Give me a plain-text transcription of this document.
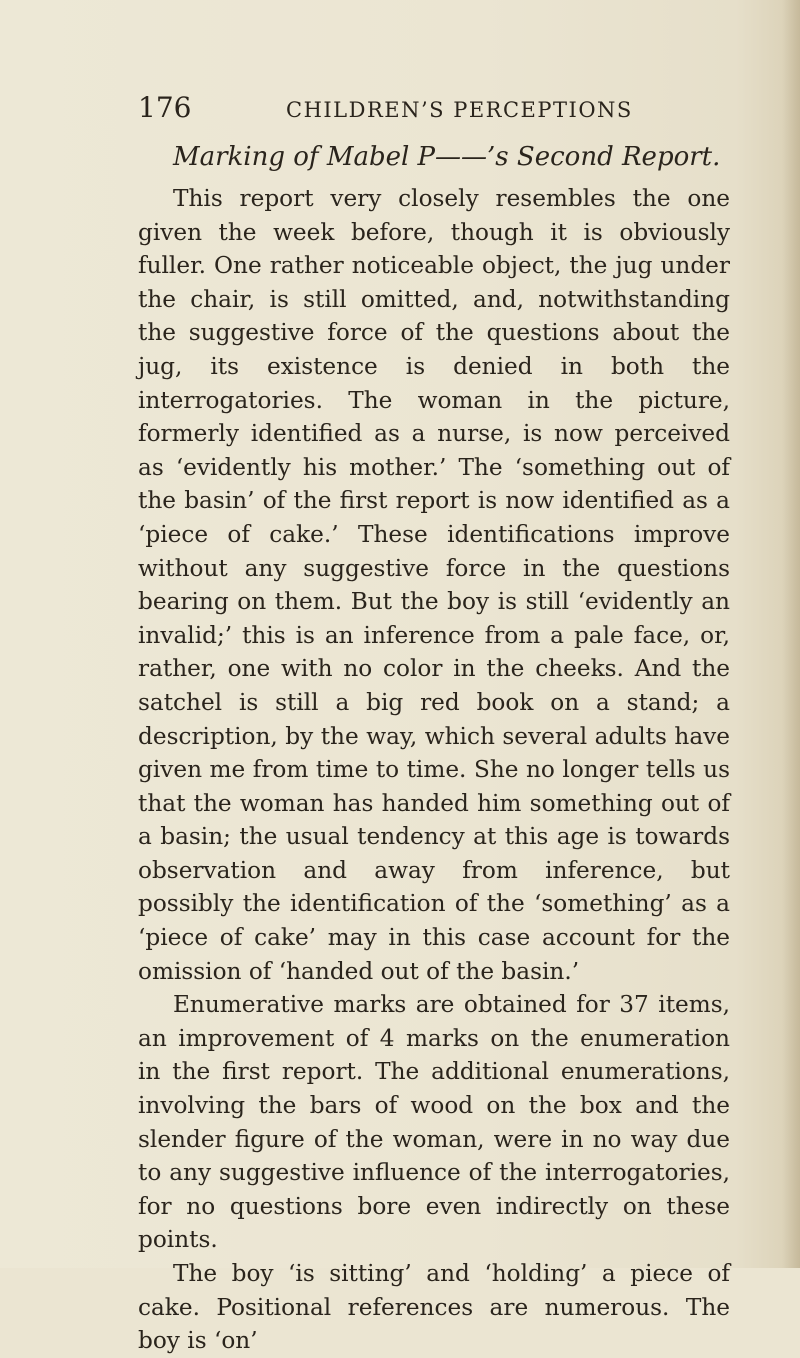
176	CHILDREN’S PERCEPTIONS
Marking of Mabel P——’s Second Report.

This report very closely resembles the one given the week before, though it is obviously fuller. One rather noticeable object, the jug under the chair, is still omitted, and, notwithstanding the suggestive force of the questions about the jug, its existence is denied in both the interrogatories. The woman in the picture, formerly identified as a nurse, is now perceived as ‘evidently his mother.’ The ‘something out of the basin’ of the first report is now identified as a ‘piece of cake.’ These identifications improve without any suggestive force in the questions bearing on them. But the boy is still ‘evidently an invalid;’ this is an inference from a pale face, or, rather, one with no color in the cheeks. And the satchel is still a big red book on a stand; a description, by the way, which several adults have given me from time to time. She no longer tells us that the woman has handed him something out of a basin; the usual tendency at this age is towards observation and away from inference, but possibly the identification of the ‘something’ as a ‘piece of cake’ may in this case account for the omission of ‘handed out of the basin.’

Enumerative marks are obtained for 37 items, an improvement of 4 marks on the enumeration in the first report. The additional enumerations, involving the bars of wood on the box and the slender figure of the woman, were in no way due to any suggestive influence of the interrogatories, for no questions bore even indirectly on these points.

The boy ‘is sitting’ and ‘holding’ a piece of cake. Positional references are numerous. The boy is ‘on’
